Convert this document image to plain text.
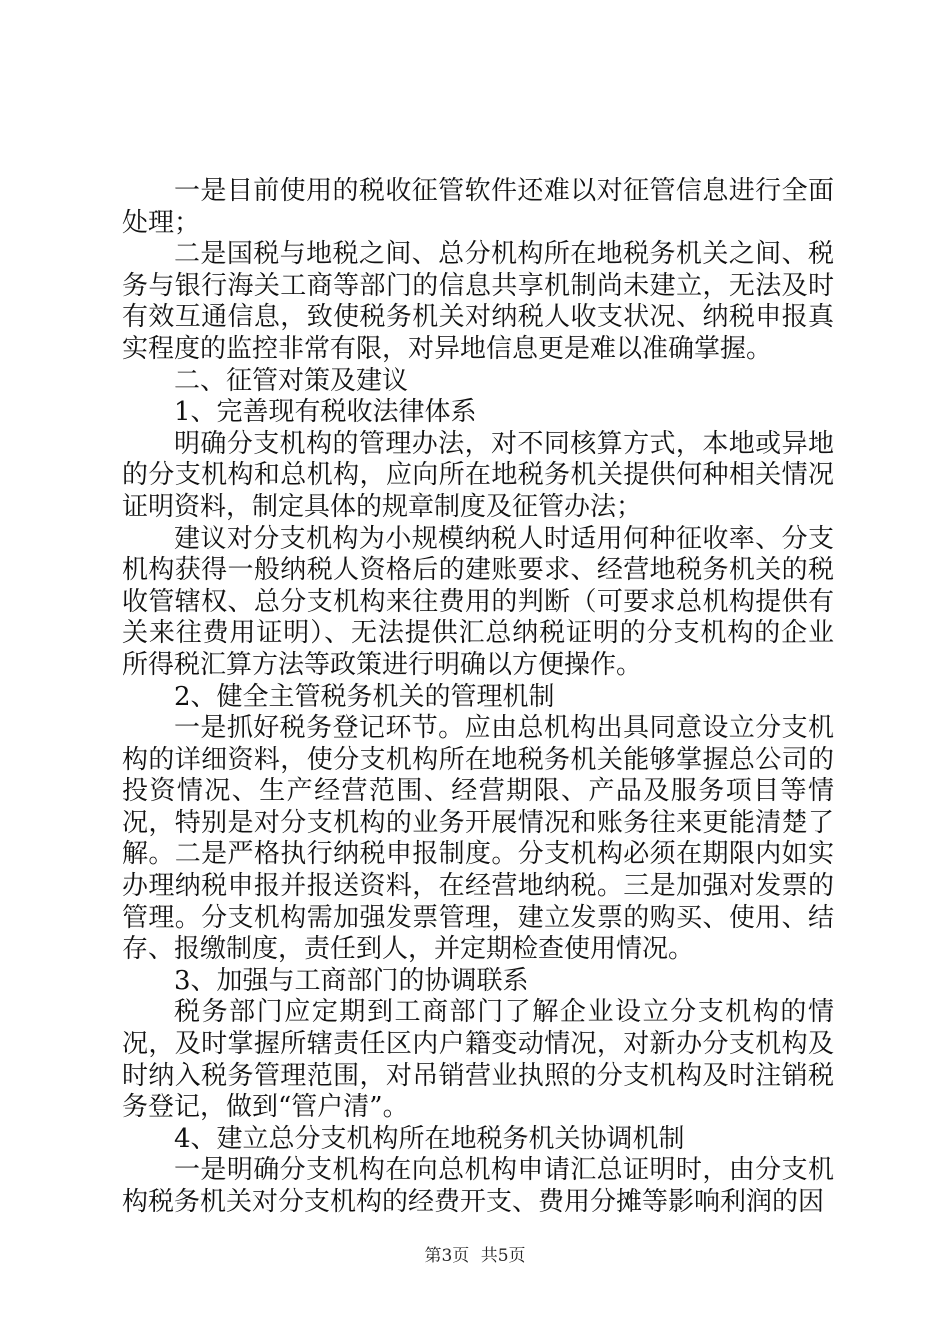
一是目前使用的税收征管软件还难以对征管信息进行全面处理；

二是国税与地税之间、总分机构所在地税务机关之间、税务与银行海关工商等部门的信息共享机制尚未建立，无法及时有效互通信息，致使税务机关对纳税人收支状况、纳税申报真实程度的监控非常有限，对异地信息更是难以准确掌握。

二、征管对策及建议

1、完善现有税收法律体系

明确分支机构的管理办法，对不同核算方式，本地或异地的分支机构和总机构，应向所在地税务机关提供何种相关情况证明资料，制定具体的规章制度及征管办法；

建议对分支机构为小规模纳税人时适用何种征收率、分支机构获得一般纳税人资格后的建账要求、经营地税务机关的税收管辖权、总分支机构来往费用的判断（可要求总机构提供有关来往费用证明）、无法提供汇总纳税证明的分支机构的企业所得税汇算方法等政策进行明确以方便操作。

2、健全主管税务机关的管理机制

一是抓好税务登记环节。应由总机构出具同意设立分支机构的详细资料，使分支机构所在地税务机关能够掌握总公司的投资情况、生产经营范围、经营期限、产品及服务项目等情况，特别是对分支机构的业务开展情况和账务往来更能清楚了解。二是严格执行纳税申报制度。分支机构必须在期限内如实办理纳税申报并报送资料，在经营地纳税。三是加强对发票的管理。分支机构需加强发票管理，建立发票的购买、使用、结存、报缴制度，责任到人，并定期检查使用情况。

3、加强与工商部门的协调联系

税务部门应定期到工商部门了解企业设立分支机构的情况，及时掌握所辖责任区内户籍变动情况，对新办分支机构及时纳入税务管理范围，对吊销营业执照的分支机构及时注销税务登记，做到“管户清”。

4、建立总分支机构所在地税务机关协调机制

一是明确分支机构在向总机构申请汇总证明时，由分支机构税务机关对分支机构的经费开支、费用分摊等影响利润的因

第3页 共5页
